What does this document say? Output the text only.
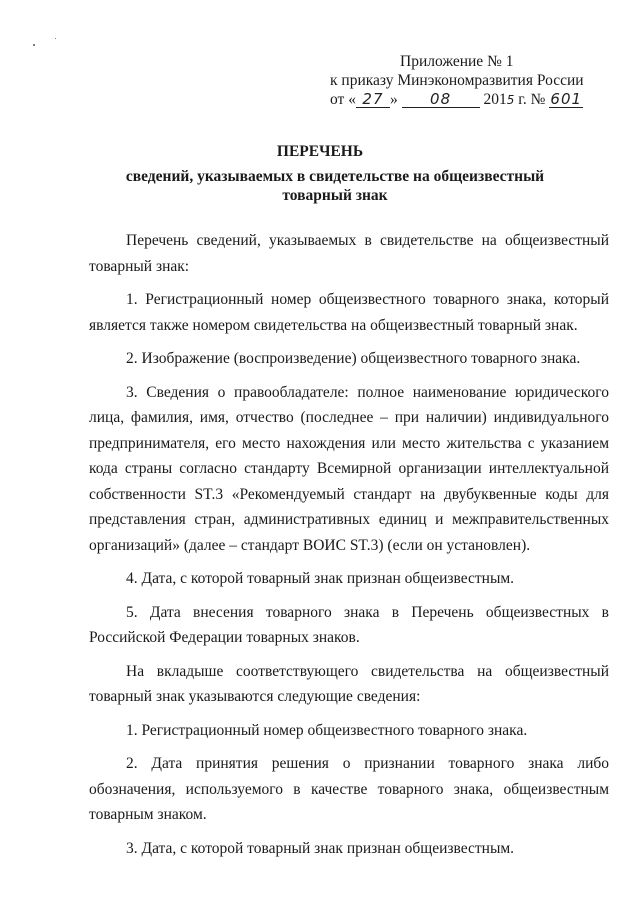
Приложение № 1
к приказу Минэкономразвития России
от « 27 » 08 2015 г. № 601
ПЕРЕЧЕНЬ
сведений, указываемых в свидетельстве на общеизвестный товарный знак

Перечень сведений, указываемых в свидетельстве на общеизвестный товарный знак:

1. Регистрационный номер общеизвестного товарного знака, который является также номером свидетельства на общеизвестный товарный знак.

2. Изображение (воспроизведение) общеизвестного товарного знака.

3. Сведения о правообладателе: полное наименование юридического лица, фамилия, имя, отчество (последнее – при наличии) индивидуального предпринимателя, его место нахождения или место жительства с указанием кода страны согласно стандарту Всемирной организации интеллектуальной собственности ST.3 «Рекомендуемый стандарт на двубуквенные коды для представления стран, административных единиц и межправительственных организаций» (далее – стандарт ВОИС ST.3) (если он установлен).

4. Дата, с которой товарный знак признан общеизвестным.

5. Дата внесения товарного знака в Перечень общеизвестных в Российской Федерации товарных знаков.

На вкладыше соответствующего свидетельства на общеизвестный товарный знак указываются следующие сведения:

1. Регистрационный номер общеизвестного товарного знака.

2. Дата принятия решения о признании товарного знака либо обозначения, используемого в качестве товарного знака, общеизвестным товарным знаком.

3. Дата, с которой товарный знак признан общеизвестным.
